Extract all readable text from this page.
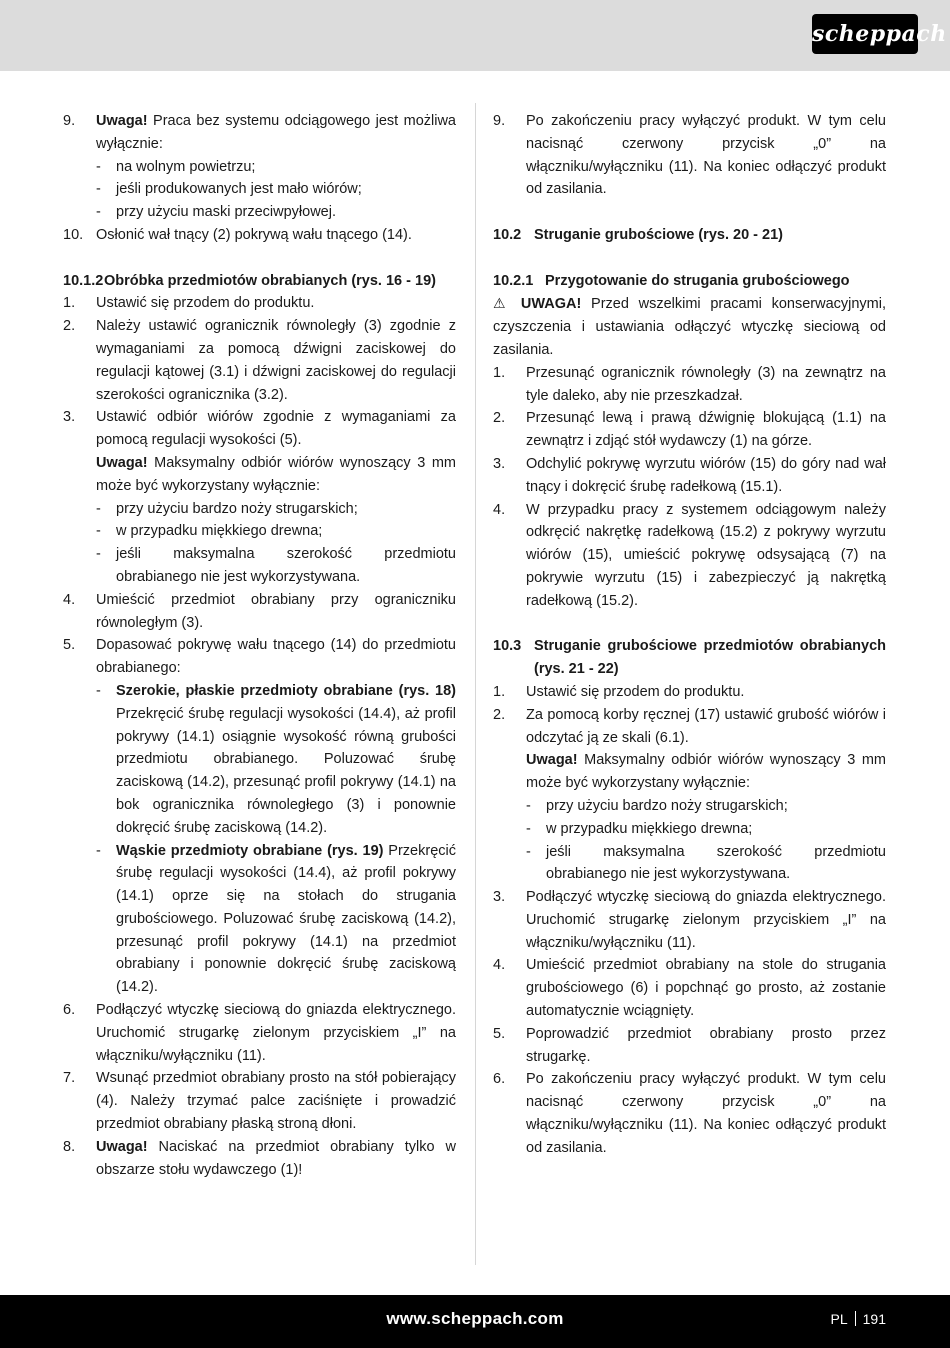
scheppach

9. Uwaga! Praca bez systemu odciągowego jest możliwa wyłącznie:

- na wolnym powietrzu;

- jeśli produkowanych jest mało wiórów;

- przy użyciu maski przeciwpyłowej.

10. Osłonić wał tnący (2) pokrywą wału tnącego (14).

10.1.2 Obróbka przedmiotów obrabianych (rys. 16 - 19)

1. Ustawić się przodem do produktu.

2. Należy ustawić ogranicznik równoległy (3) zgodnie z wymaganiami za pomocą dźwigni zaciskowej do regulacji kątowej (3.1) i dźwigni zaciskowej do regulacji szerokości ogranicznika (3.2).

3. Ustawić odbiór wiórów zgodnie z wymaganiami za pomocą regulacji wysokości (5).

Uwaga! Maksymalny odbiór wiórów wynoszący 3 mm może być wykorzystany wyłącznie:

- przy użyciu bardzo noży strugarskich;

- w przypadku miękkiego drewna;

- jeśli maksymalna szerokość przedmiotu obrabianego nie jest wykorzystywana.

4. Umieścić przedmiot obrabiany przy ograniczniku równoległym (3).

5. Dopasować pokrywę wału tnącego (14) do przedmiotu obrabianego:

- Szerokie, płaskie przedmioty obrabiane (rys. 18) Przekręcić śrubę regulacji wysokości (14.4), aż profil pokrywy (14.1) osiągnie wysokość równą grubości przedmiotu obrabianego. Poluzować śrubę zaciskową (14.2), przesunąć profil pokrywy (14.1) na bok ogranicznika równoległego (3) i ponownie dokręcić śrubę zaciskową (14.2).

- Wąskie przedmioty obrabiane (rys. 19) Przekręcić śrubę regulacji wysokości (14.4), aż profil pokrywy (14.1) oprze się na stołach do strugania grubościowego. Poluzować śrubę zaciskową (14.2), przesunąć profil pokrywy (14.1) na przedmiot obrabiany i ponownie dokręcić śrubę zaciskową (14.2).

6. Podłączyć wtyczkę sieciową do gniazda elektrycznego. Uruchomić strugarkę zielonym przyciskiem „I” na włączniku/wyłączniku (11).

7. Wsunąć przedmiot obrabiany prosto na stół pobierający (4). Należy trzymać palce zaciśnięte i prowadzić przedmiot obrabiany płaską stroną dłoni.

8. Uwaga! Naciskać na przedmiot obrabiany tylko w obszarze stołu wydawczego (1)!

9. Po zakończeniu pracy wyłączyć produkt. W tym celu nacisnąć czerwony przycisk „0” na włączniku/wyłączniku (11). Na koniec odłączyć produkt od zasilania.

10.2 Struganie grubościowe (rys. 20 - 21)

10.2.1 Przygotowanie do strugania grubościowego

⚠ UWAGA! Przed wszelkimi pracami konserwacyjnymi, czyszczenia i ustawiania odłączyć wtyczkę sieciową od zasilania.

1. Przesunąć ogranicznik równoległy (3) na zewnątrz na tyle daleko, aby nie przeszkadzał.

2. Przesunąć lewą i prawą dźwignię blokującą (1.1) na zewnątrz i zdjąć stół wydawczy (1) na górze.

3. Odchylić pokrywę wyrzutu wiórów (15) do góry nad wał tnący i dokręcić śrubę radełkową (15.1).

4. W przypadku pracy z systemem odciągowym należy odkręcić nakrętkę radełkową (15.2) z pokrywy wyrzutu wiórów (15), umieścić pokrywę odsysającą (7) na pokrywie wyrzutu (15) i zabezpieczyć ją nakrętką radełkową (15.2).

10.3 Struganie grubościowe przedmiotów obrabianych (rys. 21 - 22)

1. Ustawić się przodem do produktu.

2. Za pomocą korby ręcznej (17) ustawić grubość wiórów i odczytać ją ze skali (6.1).

Uwaga! Maksymalny odbiór wiórów wynoszący 3 mm może być wykorzystany wyłącznie:

- przy użyciu bardzo noży strugarskich;

- w przypadku miękkiego drewna;

- jeśli maksymalna szerokość przedmiotu obrabianego nie jest wykorzystywana.

3. Podłączyć wtyczkę sieciową do gniazda elektrycznego. Uruchomić strugarkę zielonym przyciskiem „I” na włączniku/wyłączniku (11).

4. Umieścić przedmiot obrabiany na stole do strugania grubościowego (6) i popchnąć go prosto, aż zostanie automatycznie wciągnięty.

5. Poprowadzić przedmiot obrabiany prosto przez strugarkę.

6. Po zakończeniu pracy wyłączyć produkt. W tym celu nacisnąć czerwony przycisk „0” na włączniku/wyłączniku (11). Na koniec odłączyć produkt od zasilania.

www.scheppach.com	PL 191
